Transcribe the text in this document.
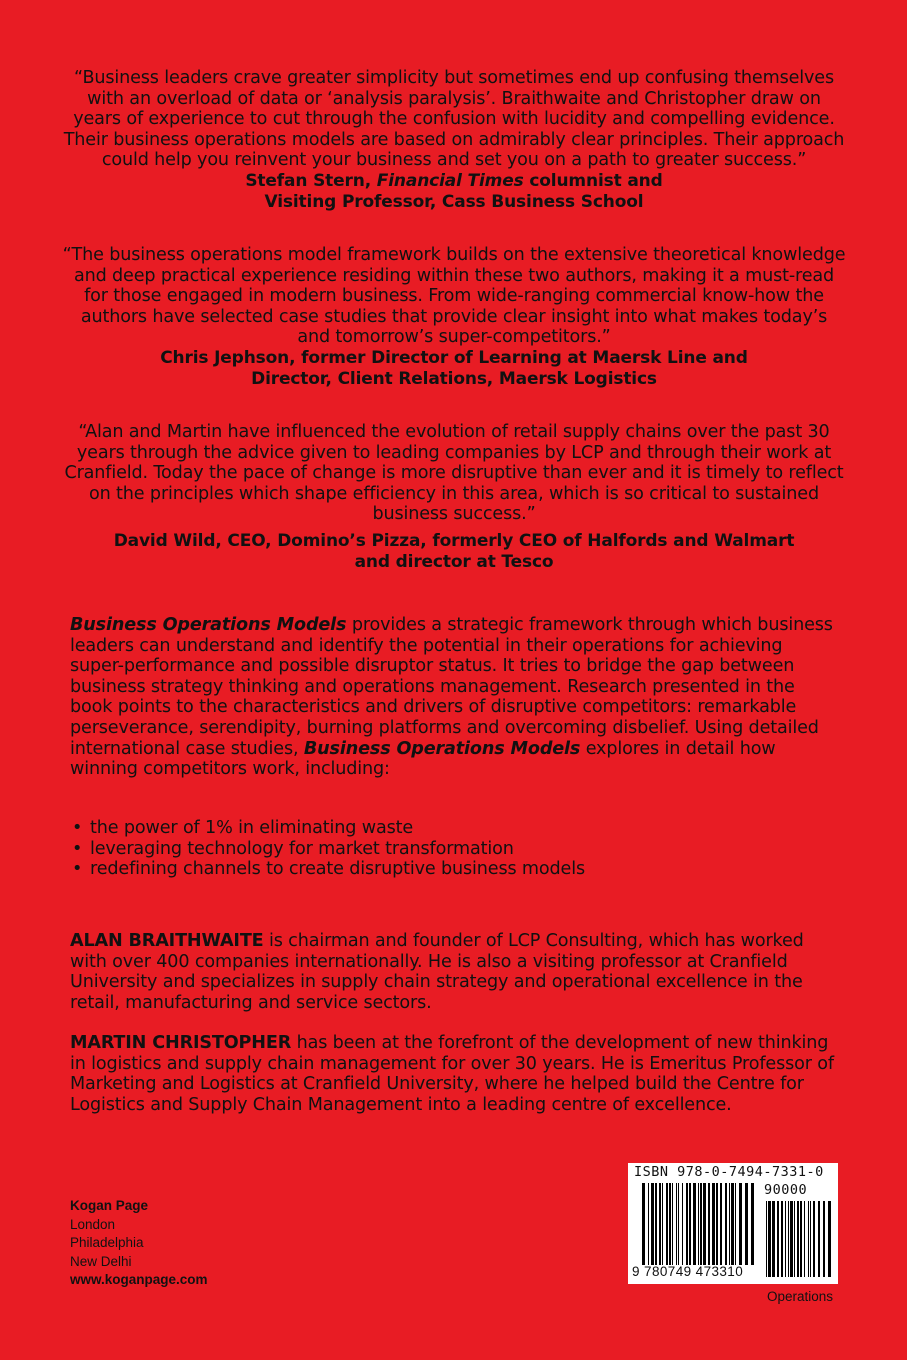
“Business leaders crave greater simplicity but sometimes end up confusing themselves with an overload of data or ‘analysis paralysis’. Braithwaite and Christopher draw on years of experience to cut through the confusion with lucidity and compelling evidence. Their business operations models are based on admirably clear principles. Their approach could help you reinvent your business and set you on a path to greater success.”

Stefan Stern, Financial Times columnist and

Visiting Professor, Cass Business School

“The business operations model framework builds on the extensive theoretical knowledge and deep practical experience residing within these two authors, making it a must-read for those engaged in modern business. From wide-ranging commercial know-how the authors have selected case studies that provide clear insight into what makes today’s and tomorrow’s super-competitors.”

Chris Jephson, former Director of Learning at Maersk Line and

Director, Client Relations, Maersk Logistics

“Alan and Martin have influenced the evolution of retail supply chains over the past 30 years through the advice given to leading companies by LCP and through their work at Cranfield. Today the pace of change is more disruptive than ever and it is timely to reflect on the principles which shape efficiency in this area, which is so critical to sustained business success.”

David Wild, CEO, Domino’s Pizza, formerly CEO of Halfords and Walmart

and director at Tesco

Business Operations Models provides a strategic framework through which business leaders can understand and identify the potential in their operations for achieving super-performance and possible disruptor status. It tries to bridge the gap between business strategy thinking and operations management. Research presented in the book points to the characteristics and drivers of disruptive competitors: remarkable perseverance, serendipity, burning platforms and overcoming disbelief. Using detailed international case studies, Business Operations Models explores in detail how winning competitors work, including:

• the power of 1% in eliminating waste
• leveraging technology for market transformation
• redefining channels to create disruptive business models

ALAN BRAITHWAITE is chairman and founder of LCP Consulting, which has worked with over 400 companies internationally. He is also a visiting professor at Cranfield University and specializes in supply chain strategy and operational excellence in the retail, manufacturing and service sectors.

MARTIN CHRISTOPHER has been at the forefront of the development of new thinking in logistics and supply chain management for over 30 years. He is Emeritus Professor of Marketing and Logistics at Cranfield University, where he helped build the Centre for Logistics and Supply Chain Management into a leading centre of excellence.

Kogan Page
London
Philadelphia
New Delhi
www.koganpage.com
ISBN 978-0-7494-7331-0
90000
9 780749 473310
Operations
